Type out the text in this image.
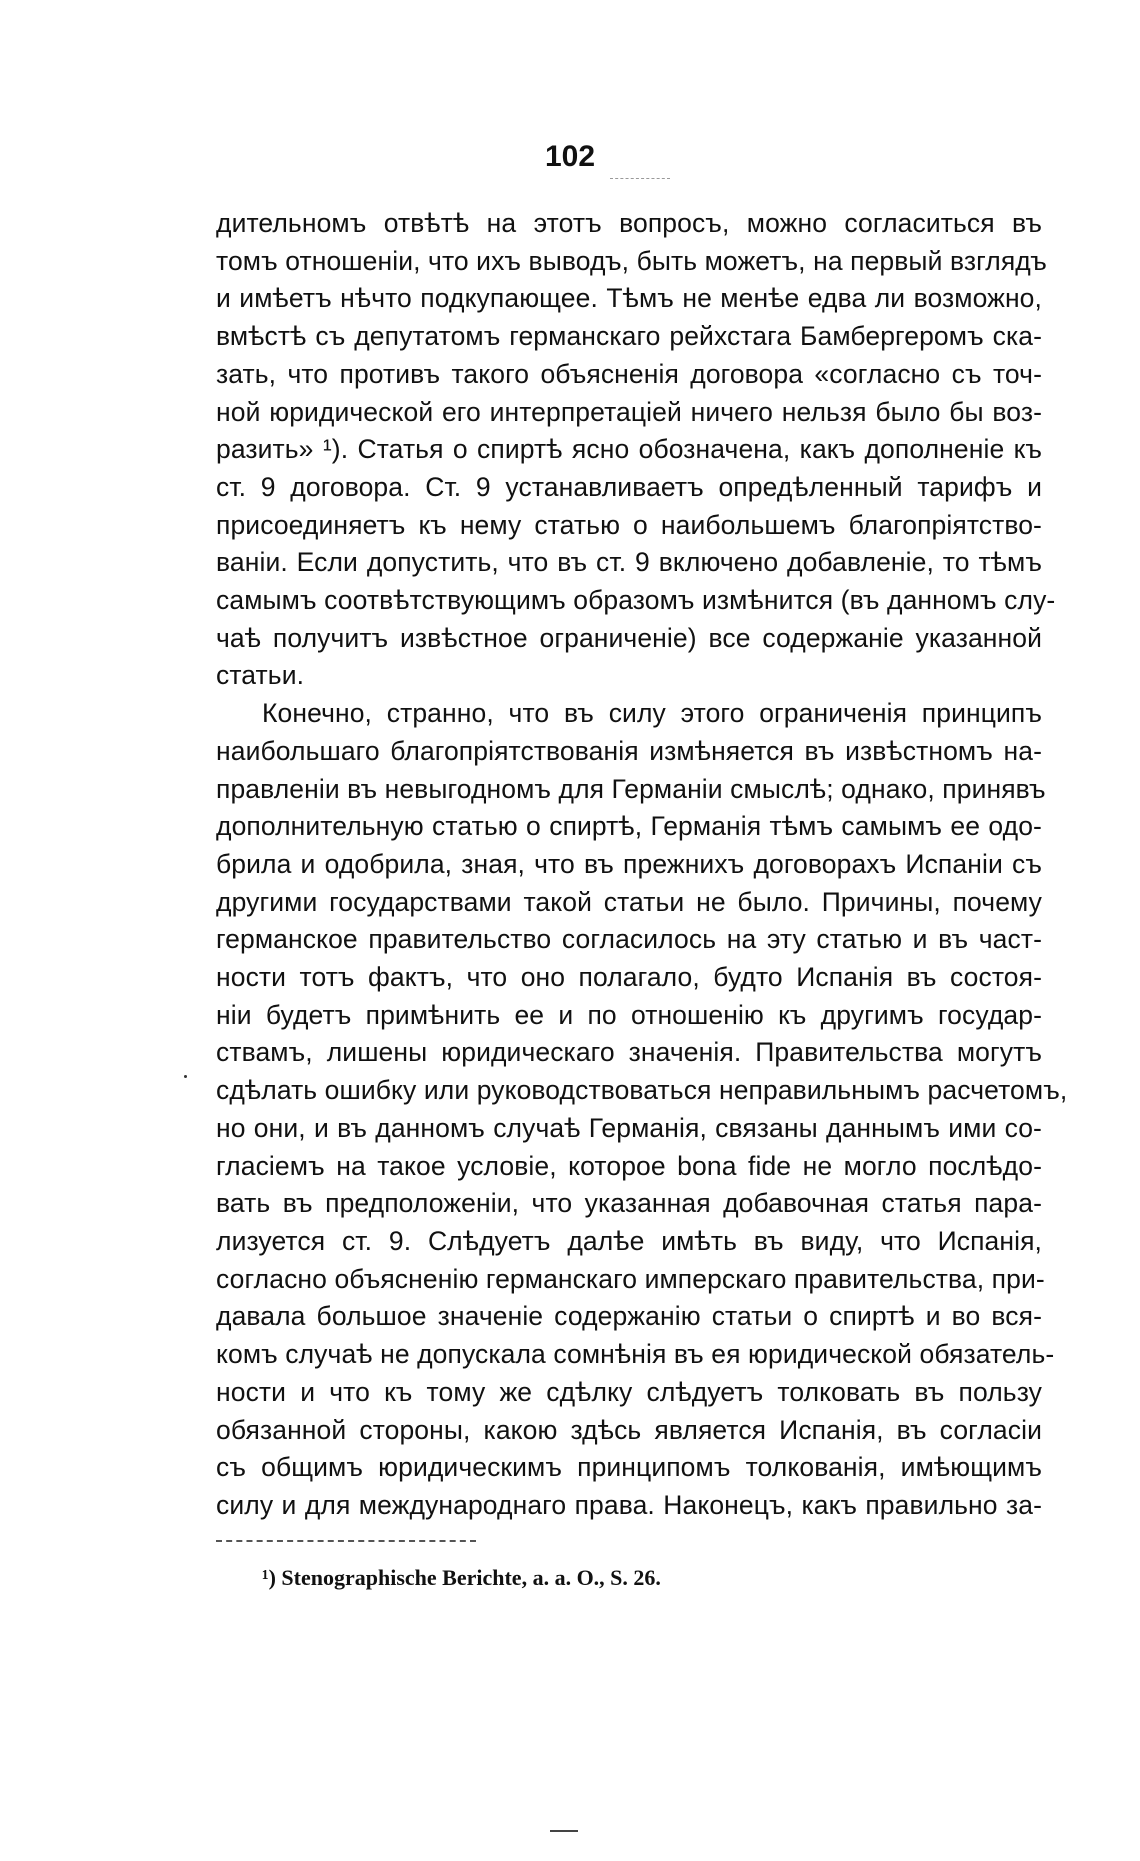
102

дительномъ отвѣтѣ на этотъ вопросъ, можно согласиться въ
томъ отношеніи, что ихъ выводъ, быть можетъ, на первый взглядъ
и имѣетъ нѣчто подкупающее. Тѣмъ не менѣе едва ли возможно,
вмѣстѣ съ депутатомъ германскаго рейхстага Бамбергеромъ ска-
зать, что противъ такого объясненія договора «согласно съ точ-
ной юридической его интерпретаціей ничего нельзя было бы воз-
разить» ¹). Статья о спиртѣ ясно обозначена, какъ дополненіе къ
ст. 9 договора. Ст. 9 устанавливаетъ опредѣленный тарифъ и
присоединяетъ къ нему статью о наибольшемъ благопріятство-
ваніи. Если допустить, что въ ст. 9 включено добавленіе, то тѣмъ
самымъ соотвѣтствующимъ образомъ измѣнится (въ данномъ слу-
чаѣ получитъ извѣстное ограниченіе) все содержаніе указанной
статьи.

Конечно, странно, что въ силу этого ограниченія принципъ
наибольшаго благопріятствованія измѣняется въ извѣстномъ на-
правленіи въ невыгодномъ для Германіи смыслѣ; однако, принявъ
дополнительную статью о спиртѣ, Германія тѣмъ самымъ ее одо-
брила и одобрила, зная, что въ прежнихъ договорахъ Испаніи съ
другими государствами такой статьи не было. Причины, почему
германское правительство согласилось на эту статью и въ част-
ности тотъ фактъ, что оно полагало, будто Испанія въ состоя-
ніи будетъ примѣнить ее и по отношенію къ другимъ государ-
ствамъ, лишены юридическаго значенія. Правительства могутъ
сдѣлать ошибку или руководствоваться неправильнымъ расчетомъ,
но они, и въ данномъ случаѣ Германія, связаны даннымъ ими со-
гласіемъ на такое условіе, которое bona fide не могло послѣдо-
вать въ предположеніи, что указанная добавочная статья пара-
лизуется ст. 9. Слѣдуетъ далѣе имѣть въ виду, что Испанія,
согласно объясненію германскаго имперскаго правительства, при-
давала большое значеніе содержанію статьи о спиртѣ и во вся-
комъ случаѣ не допускала сомнѣнія въ ея юридической обязатель-
ности и что къ тому же сдѣлку слѣдуетъ толковать въ пользу
обязанной стороны, какою здѣсь является Испанія, въ согласіи
съ общимъ юридическимъ принципомъ толкованія, имѣющимъ
силу и для международнаго права. Наконецъ, какъ правильно за-

¹) Stenographische Berichte, a. a. O., S. 26.
